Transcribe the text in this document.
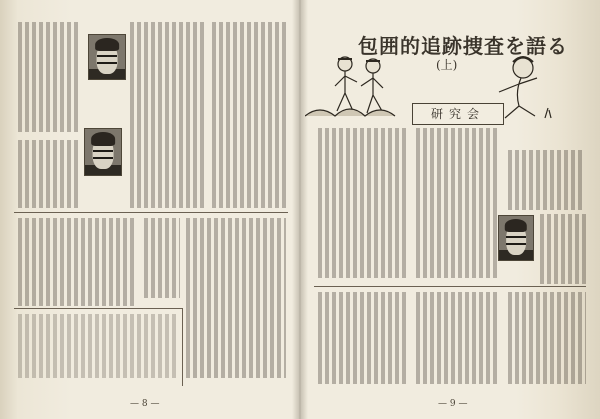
— 8 —
包囲的追跡捜査を語る
(上)
研究会
— 9 —
